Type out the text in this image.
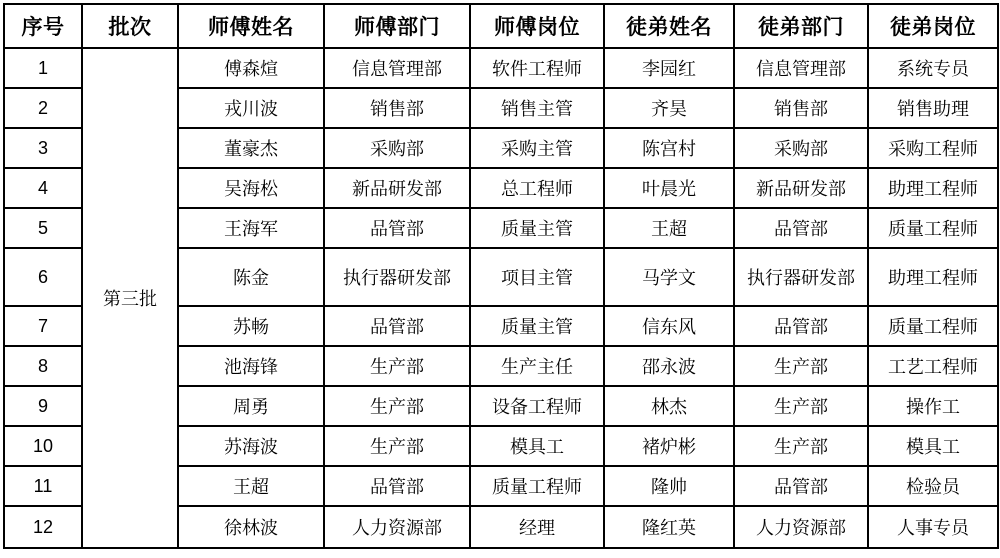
序号	批次	师傅姓名	师傅部门	师傅岗位	徒弟姓名	徒弟部门	徒弟岗位
1	第三批	傅森煊	信息管理部	软件工程师	李园红	信息管理部	系统专员
2		戎川波	销售部	销售主管	齐昊	销售部	销售助理
3		董豪杰	采购部	采购主管	陈宫村	采购部	采购工程师
4		吴海松	新品研发部	总工程师	叶晨光	新品研发部	助理工程师
5		王海军	品管部	质量主管	王超	品管部	质量工程师
6		陈金	执行器研发部	项目主管	马学文	执行器研发部	助理工程师
7		苏畅	品管部	质量主管	信东风	品管部	质量工程师
8		池海锋	生产部	生产主任	邵永波	生产部	工艺工程师
9		周勇	生产部	设备工程师	林杰	生产部	操作工
10		苏海波	生产部	模具工	褚炉彬	生产部	模具工
11		王超	品管部	质量工程师	隆帅	品管部	检验员
12		徐林波	人力资源部	经理	隆红英	人力资源部	人事专员
